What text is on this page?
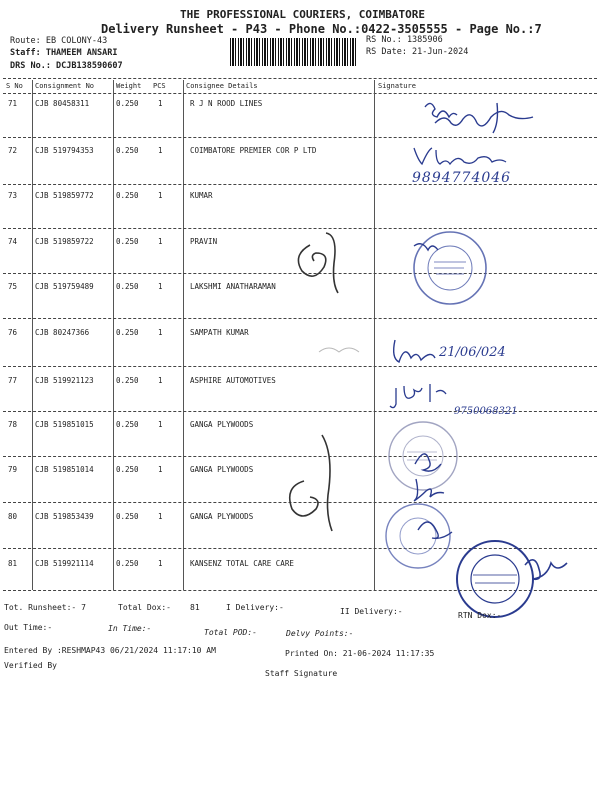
THE PROFESSIONAL COURIERS, COIMBATORE
Delivery Runsheet - P43 - Phone No.:0422-3505555 - Page No.:7
Route: EB COLONY-43
Staff: THAMEEM ANSARI
DRS No.: DCJB138590607
RS No.: 1385906
RS Date: 21-Jun-2024
S No Consignment No	Weight PCS	Consignee Details	Signature
71 CJB 80458311	0.250	1	R J N ROOD LINES
72 CJB 519794353	0.250	1	COIMBATORE PREMIER COR P LTD
73 CJB 519859772	0.250	1	KUMAR
74 CJB 519859722	0.250	1	PRAVIN
75 CJB 519759489	0.250	1	LAKSHMI ANATHARAMAN
76 CJB 80247366	0.250	1	SAMPATH KUMAR
77 CJB 519921123	0.250	1	ASPHIRE AUTOMOTIVES
78 CJB 519851015	0.250	1	GANGA PLYWOODS
79 CJB 519851014	0.250	1	GANGA PLYWOODS
80 CJB 519853439	0.250	1	GANGA PLYWOODS
81 CJB 519921114	0.250	1	KANSENZ TOTAL CARE CARE
9894774046
21/06/024
9750068321
Tot. Runsheet:- 7	Total Dox:- 81	I Delivery:-	II Delivery:-	RTN Dox:-
Out Time:-	In Time:-	Total POD:-	Delvy Points:-
Entered By :RESHMAP43 06/21/2024 11:17:10 AM	Printed On: 21-06-2024 11:17:35
Verified By
Staff Signature
